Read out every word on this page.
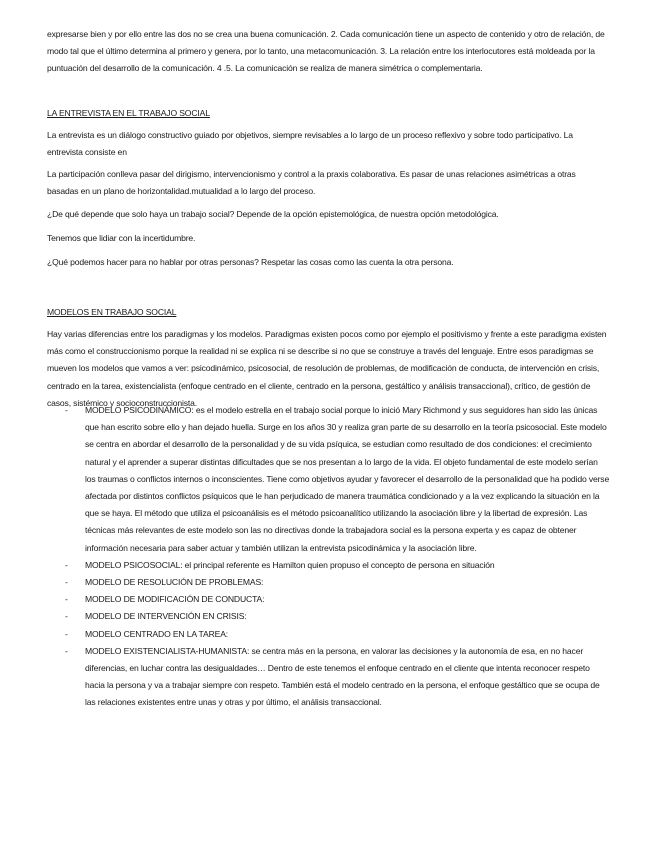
expresarse bien y por ello entre las dos no se crea una buena comunicación. 2. Cada comunicación tiene un aspecto de contenido y otro de relación, de modo tal que el último determina al primero y genera, por lo tanto, una metacomunicación. 3. La relación entre los interlocutores está moldeada por la puntuación del desarrollo de la comunicación. 4 .5. La comunicación se realiza de manera simétrica o complementaria.

LA ENTREVISTA EN EL TRABAJO SOCIAL

La entrevista es un diálogo constructivo guiado por objetivos, siempre revisables a lo largo de un proceso reflexivo y sobre todo participativo. La entrevista consiste en

La participación conlleva pasar del dirigismo, intervencionismo y control a la praxis colaborativa. Es pasar de unas relaciones asimétricas a otras basadas en un plano de horizontalidad.mutualidad a lo largo del proceso.

¿De qué depende que solo haya un trabajo social? Depende de la opción epistemológica, de nuestra opción metodológica.

Tenemos que lidiar con la incertidumbre.

¿Qué podemos hacer para no hablar por otras personas? Respetar las cosas como las cuenta la otra persona.

MODELOS EN TRABAJO SOCIAL

Hay varias diferencias entre los paradigmas y los modelos. Paradigmas existen pocos como por ejemplo el positivismo y frente a este paradigma existen más como el construccionismo porque la realidad ni se explica ni se describe si no que se construye a través del lenguaje. Entre esos paradigmas se mueven los modelos que vamos a ver: psicodinámico, psicosocial, de resolución de problemas, de modificación de conducta, de intervención en crisis, centrado en la tarea, existencialista (enfoque centrado en el cliente, centrado en la persona, gestáltico y análisis transaccional), crítico, de gestión de casos, sistémico y socioconstruccionista.

- MODELO PSICODINÁMICO: es el modelo estrella en el trabajo social porque lo inició Mary Richmond y sus seguidores han sido las únicas que han escrito sobre ello y han dejado huella. Surge en los años 30 y realiza gran parte de su desarrollo en la teoría psicosocial. Este modelo se centra en abordar el desarrollo de la personalidad y de su vida psíquica, se estudian como resultado de dos condiciones: el crecimiento natural y el aprender a superar distintas dificultades que se nos presentan a lo largo de la vida. El objeto fundamental de este modelo serían los traumas o conflictos internos o inconscientes. Tiene como objetivos ayudar y favorecer el desarrollo de la personalidad que ha podido verse afectada por distintos conflictos psíquicos que le han perjudicado de manera traumática condicionado y a la vez explicando la situación en la que se haya. El método que utiliza el psicoanálisis es el método psicoanalítico utilizando la asociación libre y la libertad de expresión. Las técnicas más relevantes de este modelo son las no directivas donde la trabajadora social es la persona experta y es capaz de obtener información necesaria para saber actuar y también utilizan la entrevista psicodinámica y la asociación libre.
- MODELO PSICOSOCIAL: el principal referente es Hamilton quien propuso el concepto de persona en situación
- MODELO DE RESOLUCIÓN DE PROBLEMAS:
- MODELO DE MODIFICACIÓN DE CONDUCTA:
- MODELO DE INTERVENCIÓN EN CRISIS:
- MODELO CENTRADO EN LA TAREA:
- MODELO EXISTENCIALISTA-HUMANISTA: se centra más en la persona, en valorar las decisiones y la autonomía de esa, en no hacer diferencias, en luchar contra las desigualdades… Dentro de este tenemos el enfoque centrado en el cliente que intenta reconocer respeto hacia la persona y va a trabajar siempre con respeto. También está el modelo centrado en la persona, el enfoque gestáltico que se ocupa de las relaciones existentes entre unas y otras y por último, el análisis transaccional.
